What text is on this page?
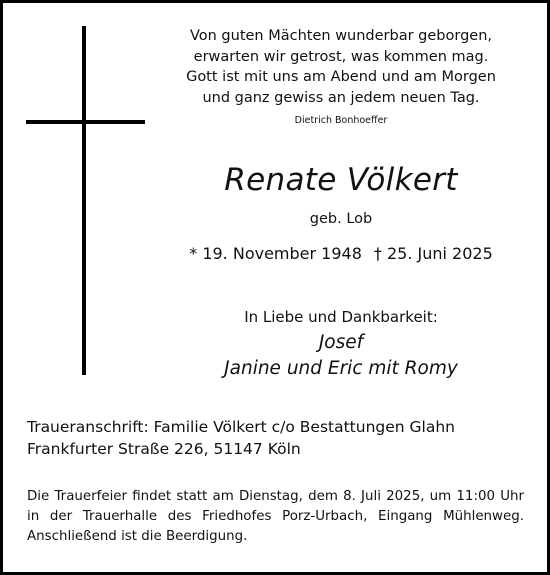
Von guten Mächten wunderbar geborgen,
erwarten wir getrost, was kommen mag.
Gott ist mit uns am Abend und am Morgen
und ganz gewiss an jedem neuen Tag.
Dietrich Bonhoeffer
Renate Völkert
geb. Lob
* 19. November 1948 † 25. Juni 2025
In Liebe und Dankbarkeit:
Josef
Janine und Eric mit Romy
Traueranschrift: Familie Völkert c/o Bestattungen Glahn
Frankfurter Straße 226, 51147 Köln
Die Trauerfeier findet statt am Dienstag, dem 8. Juli 2025, um 11:00 Uhr
in der Trauerhalle des Friedhofes Porz-Urbach, Eingang Mühlenweg.
Anschließend ist die Beerdigung.
